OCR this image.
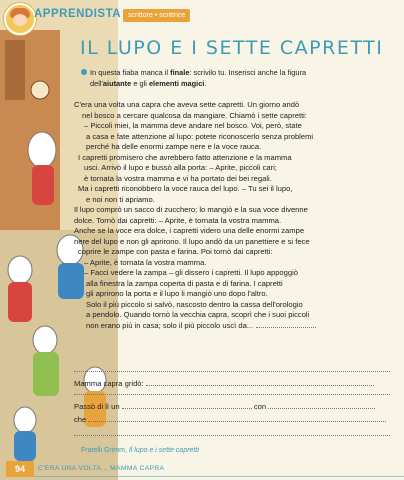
APPRENDISTA scrittore • scrittrice
IL LUPO E I SETTE CAPRETTI
In questa fiaba manca il finale: scrivilo tu. Inserisci anche la figura
dell'aiutante e gli elementi magici.
C'era una volta una capra che aveva sette capretti. Un giorno andò
nel bosco a cercare qualcosa da mangiare. Chiamò i sette capretti:
– Piccoli miei, la mamma deve andare nel bosco. Voi, però, state
a casa e fate attenzione al lupo: potete riconoscerlo senza problemi
perché ha delle enormi zampe nere e la voce rauca.
I capretti promisero che avrebbero fatto attenzione e la mamma
usci. Arrivò il lupo e bussò alla porta: – Aprite, piccoli cari;
è tornata la vostra mamma e vi ha portato dei bei regali.
Ma i capretti riconobbero la voce rauca del lupo. – Tu sei il lupo,
e noi non ti apriamo.
Il lupo comprò un sacco di zucchero; lo mangiò e la sua voce divenne
dolce. Tornò dai capretti: – Aprite, è tornata la vostra mamma.
Anche se la voce era dolce, i capretti videro una delle enormi zampe
nere del lupo e non gli aprirono. Il lupo andò da un panettiere e si fece
coprire le zampe con pasta e farina. Poi tornò dai capretti:
– Aprite, è tornata la vostra mamma.
– Facci vedere la zampa – gli dissero i capretti. Il lupo appoggiò
alla finestra la zampa coperta di pasta e di farina. I capretti
gli aprirono la porta e il lupo li mangiò uno dopo l'altro.
Solo il più piccolo si salvò, nascosto dentro la cassa dell'orologio
a pendolo. Quando tornò la vecchia capra, scoprì che i suoi piccoli
non erano più in casa; solo il più piccolo uscì da...
Mamma capra gridò:
Passò di lì un	con
che
Fratelli Grimm, Il lupo e i sette capretti
94	C'ERA UNA VOLTA... MAMMA CAPRA
